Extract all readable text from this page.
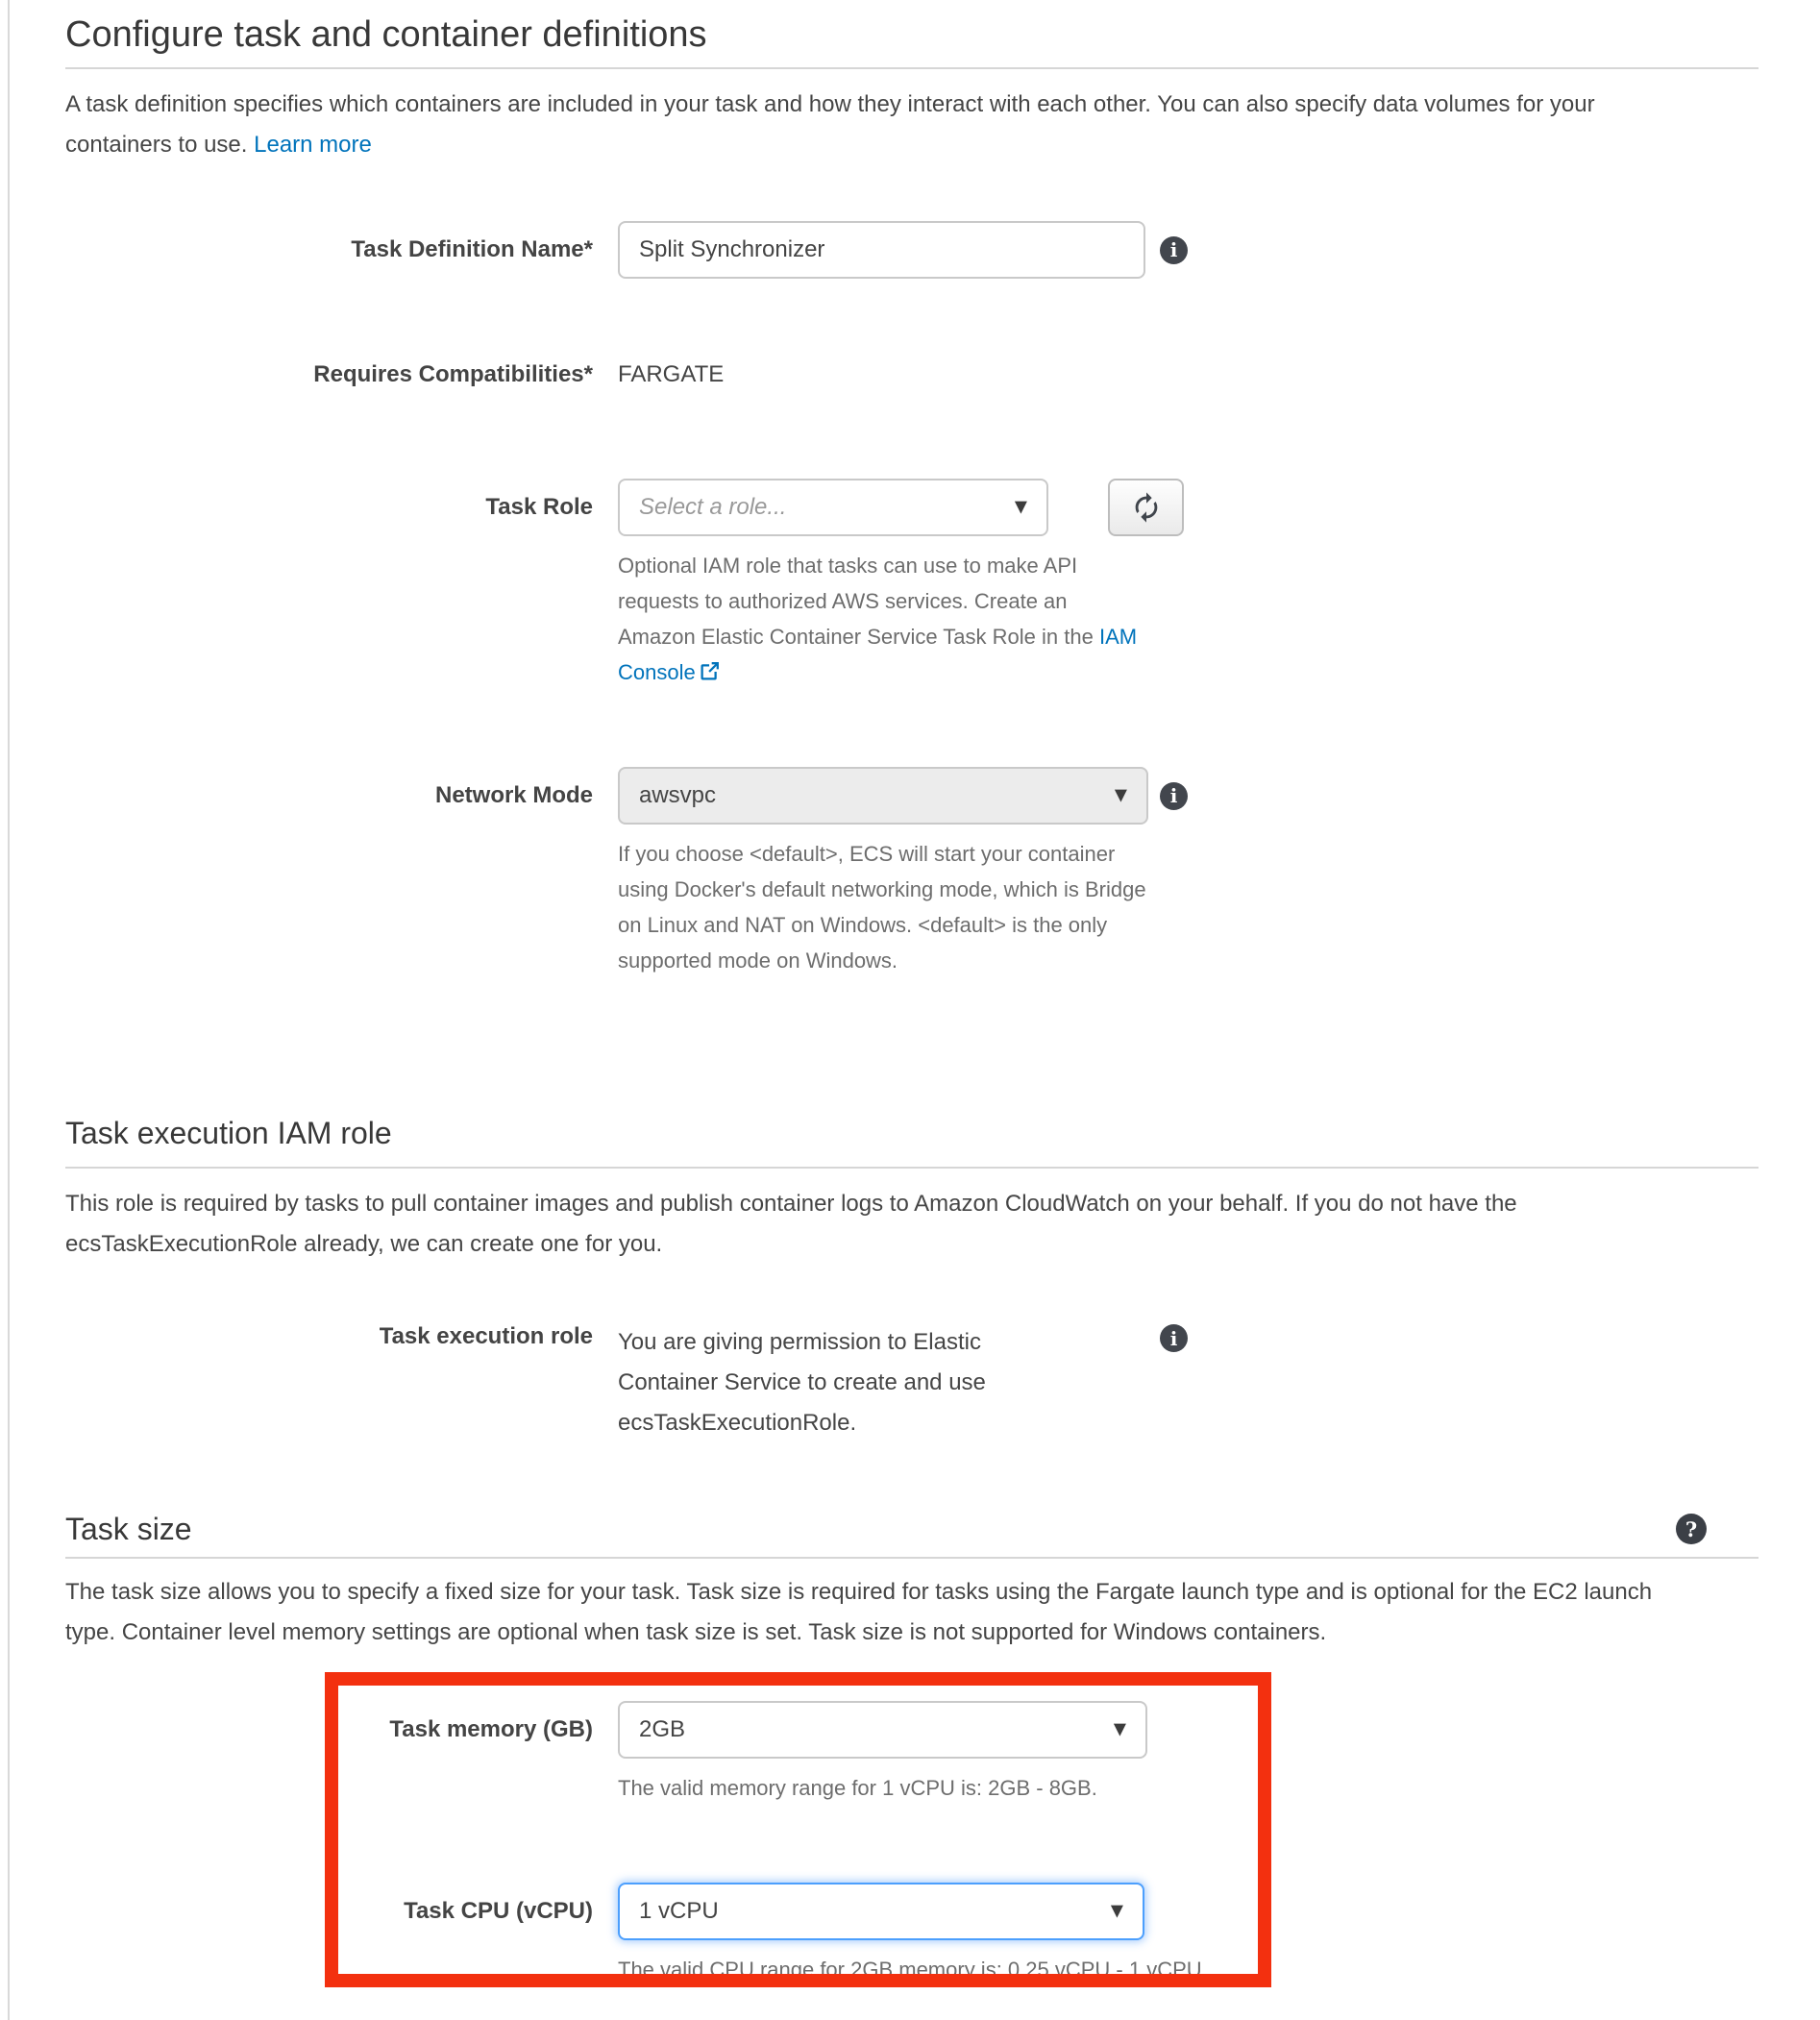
Configure task and container definitions

A task definition specifies which containers are included in your task and how they interact with each other. You can also specify data volumes for your containers to use. Learn more

Task Definition Name*
Split Synchronizer	i
Requires Compatibilities* FARGATE
Task Role Select a role...	▼
Optional IAM role that tasks can use to make API requests to authorized AWS services. Create an Amazon Elastic Container Service Task Role in the IAM Console
Network Mode awsvpc	▼	i
If you choose <default>, ECS will start your container using Docker's default networking mode, which is Bridge on Linux and NAT on Windows. <default> is the only supported mode on Windows.
Task execution IAM role

This role is required by tasks to pull container images and publish container logs to Amazon CloudWatch on your behalf. If you do not have the ecsTaskExecutionRole already, we can create one for you.

Task execution role You are giving permission to Elastic Container Service to create and use ecsTaskExecutionRole.
i
Task size	?

The task size allows you to specify a fixed size for your task. Task size is required for tasks using the Fargate launch type and is optional for the EC2 launch type. Container level memory settings are optional when task size is set. Task size is not supported for Windows containers.

Task memory (GB) 2GB	▼
The valid memory range for 1 vCPU is: 2GB - 8GB.
Task CPU (vCPU) 1 vCPU	▼
The valid CPU range for 2GB memory is: 0.25 vCPU - 1 vCPU.
